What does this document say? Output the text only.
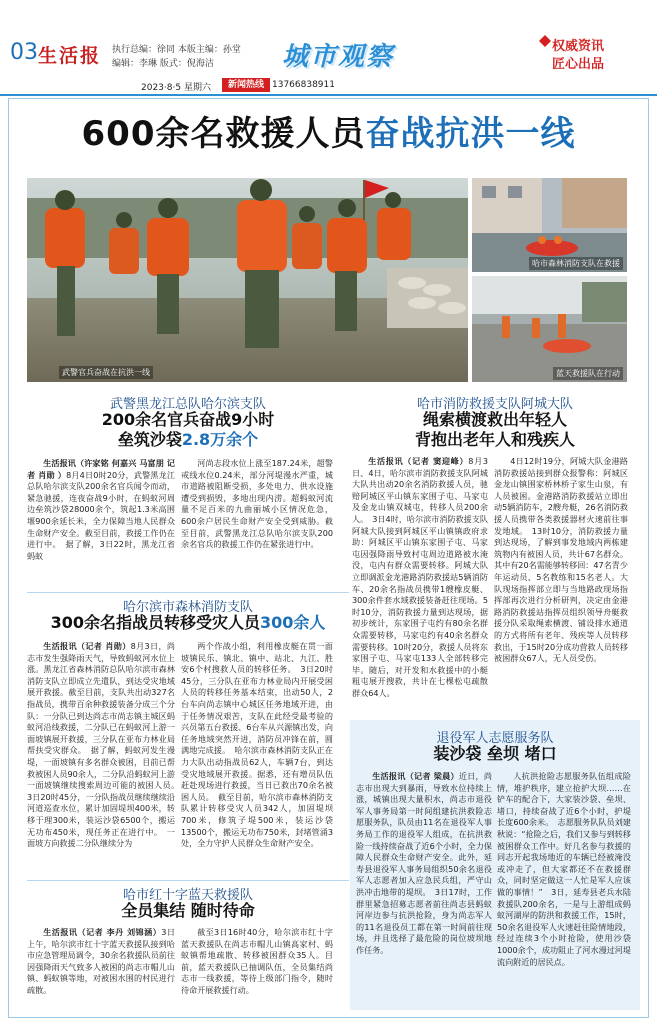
03 生活报 执行总编：徐同 本版主编：孙堂
编辑：李琳 版式：倪海洁	城市观察	权威资讯
匠心出品
2023·8·5 星期六	新闻热线 13766838911
600余名救援人员奋战抗洪一线
武警官兵奋战在抗洪一线
哈市森林消防支队在救援
蓝天救援队在行动
武警黑龙江总队哈尔滨支队
200余名官兵奋战9小时
垒筑沙袋2.8万余个

生活报讯（许家铭 何嘉兴 马富朋 记者 肖勋 ）8月4日0时20分，武警黑龙江总队哈尔滨支队200余名官兵闻令而动，紧急驰援，连夜奋战9小时，在蚂蚁河周边垒筑沙袋28000余个，筑起1.3米高围堰900余延长米，全力保障当地人民群众生命财产安全。截至目前，救援工作仍在进行中。　据了解，3日22时，黑龙江省蚂蚁

河尚志段水位上涨至187.24米，超警戒线水位0.24米，部分河堤漫水严重，城市道路被阻断受损，多处电力、供水设施遭受到损毁，多地出现内涝。超蚂蚁河流量不足百米的九曲丽城小区情况危急，600余户居民生命财产安全受到威胁。截至目前，武警黑龙江总队哈尔滨支队200余名官兵的救援工作仍在紧张进行中。

哈尔滨市森林消防支队
300余名指战员转移受灾人员300余人

生活报讯（记者 肖勋）8月3日，尚志市发生强降雨天气，导致蚂蚁河水位上涨。黑龙江省森林消防总队哈尔滨市森林消防支队立即成立先遣队，到达受灾地域展开救援。截至目前，支队共出动327名指战员，携带百余种救援装备分成三个分队：一分队已到达尚志市尚志镇主城区蚂蚁河沿线救援，二分队已在蚂蚁河上游一面坡镇展开救援，三分队在亚布力林业局帮扶受灾群众。　据了解，蚂蚁河发生漫堤，一面坡镇有多名群众被困，目前已帮救被困人员90余人，二分队沿蚂蚁河上游一面坡镇继续搜索周边可能的被困人员。　3日20时45分，一分队指战员继续继续沿河道巡查水位，累计加固堤坝400米，转移于理300米，装运沙袋6500个，搬运无功布450米，现任务正在进行中。　一面坡方向救援二分队继续分为

两个作战小组，利用橡皮艇在贯一面坡镇民乐、镇北、镇中、站北、九江、胜安6个村搜救人员的转移任务。　3日20时45分，三分队在亚布力林业局内开展受困人员的转移任务基本结束，出动50人，2台车向尚志镇中心城区任务地域开进，由于任务情况艰苦，支队在此经受最考验的兴员第五台救援、6台车从兴源镇出发，向任务地域突然开进，消防员冲锋在前，圆满地完成援。　哈尔滨市森林消防支队正在力大队出动指战员62人，车辆7台，到达受灾地域展开救援。据悉，还有增员队伍赶赴现场进行救援，当日已救出70余名被困人员。　截至目前，哈尔滨市森林消防支队累计转移受灾人员342人，加固堤坝700米，修筑子堤500米，装运沙袋13500个，搬运无功布750米，封堵管涌3处，全力守护人民群众生命财产安全。

哈市红十字蓝天救援队
全员集结 随时待命

生活报讯（记者 李丹 刘锦涵）3日上午，哈尔滨市红十字蓝天救援队接到哈市应急管理局调令，30余名救援队员前往因强降雨天气致多人被困的尚志市帽儿山镇、蚂蚁镇等地，对被困水围的村民进行疏散。

截至3日16时40分，哈尔滨市红十字蓝天救援队在尚志市帽儿山镇高家村、蚂蚁镇帮地疏散、转移被困群众35人。目前，蓝天救援队已抽调队伍，全员集结尚志市一线救援，等待上级部门指令，随时待命开展救援行动。

哈市消防救援支队阿城大队
绳索横渡救出年轻人
背抱出老年人和残疾人

生活报讯（记者 窦迎峰）8月3日、4日，哈尔滨市消防救援支队阿城大队共出动20余名消防救援人员，驰赔阿城区平山镇东家围子屯、马家屯及金龙山镇双城屯，转移人员200余人。　3日4时，哈尔滨市消防救援支队阿城大队接到阿城区平山镇镇政府求助：阿城区平山镇东家围子屯、马家屯因强降雨导致村屯周边道路被水淹没，屯内有群众需要转移。阿城大队立即调派金龙港路消防救援站5辆消防车、20余名指战员携带1艘橡皮艇、300余件套水域救援装备赶往现场。5时10分，消防救援力量到达现场，据初步统计，东家围子屯约有80余名群众需要转移，马家屯约有40余名群众需要转移。10时20分，救援人员将东家围子屯、马家屯133人全部转移完毕。随后，对开发和水救援中的小艇粗屯展开搜救，共计在七棵松屯疏散群众64人。

4日12时19分，阿城大队金港路消防救援站接到群众报警称：阿城区金龙山镇围家桥林桥子家生山泉，有人员被困。金港路消防救援站立即出动5辆消防车，2艘舟艇，26名消防救援人员携带各类救援器材火速前往事发地域。　13时10分，消防救援力量到达现场，了解到事发地域内两栋建筑物内有被困人员，共计67名群众。其中有20名需能够转移回：47名青少年运动员、5名教练和15名老人。大队现场指挥部立即与当地路政现场指挥部再次进行分析研判，决定由金港路消防救援站指挥员组织领导舟艇救援分队采取绳索横渡、铺设排水通道的方式将所有老年、残疾等人员转移救出，于15时20分成功营救人员转移被困群众67人，无人员受伤。

退役军人志愿服务队
装沙袋 垒坝 堵口

生活报讯（记者 梁晨）近日，尚志市出现大到暴雨，导致水位持续上涨，城镇出现大量积水，尚志市退役军人事务局第一时间组建抗洪救险志愿服务队，队员由11名在退役军人事务局工作的退役军人组成，在抗洪救险一线持续奋战了近6个小时，全力保障人民群众生命财产安全。此外，延寿县退役军人事务局组织50余名退役军人志愿者加入应急民兵组，严守山洪冲击地带的堤坝。　3日17时，工作群里紧急招募志愿者前往尚志县蚂蚁河岸边参与抗洪抢险，身为尚志军人的11名退役员工都在第一时间前往现场，并且选择了最危险的岗位坡坝地作任务。

人抗洪抢险志愿服务队伍组成险情，堆护秩序，建立抢护大坝……在铲车的配合下，大家装沙袋、垒坝、堵口，持续奋战了近6个小时，护堤长度600余米。　志愿服务队队员刘建秋说：“抢险之后，我们又参与到转移被困群众工作中。好几名参与救援的同志开起我场地近的车辆已经被淹没或冲走了，但大家都还不在救援群众，同时坚定做这一人忙是军人应该做的事情！”　3日，延寿县老兵水陆救援队200余名，一是与上游组成蚂蚁河湖岸的防洪和救援工作，15时，50余名退役军人火速赶往险情地段，经过连续3个小时抢险，使用沙袋1000余个，成功阻止了河水漫过河堤流向附近的居民点。
